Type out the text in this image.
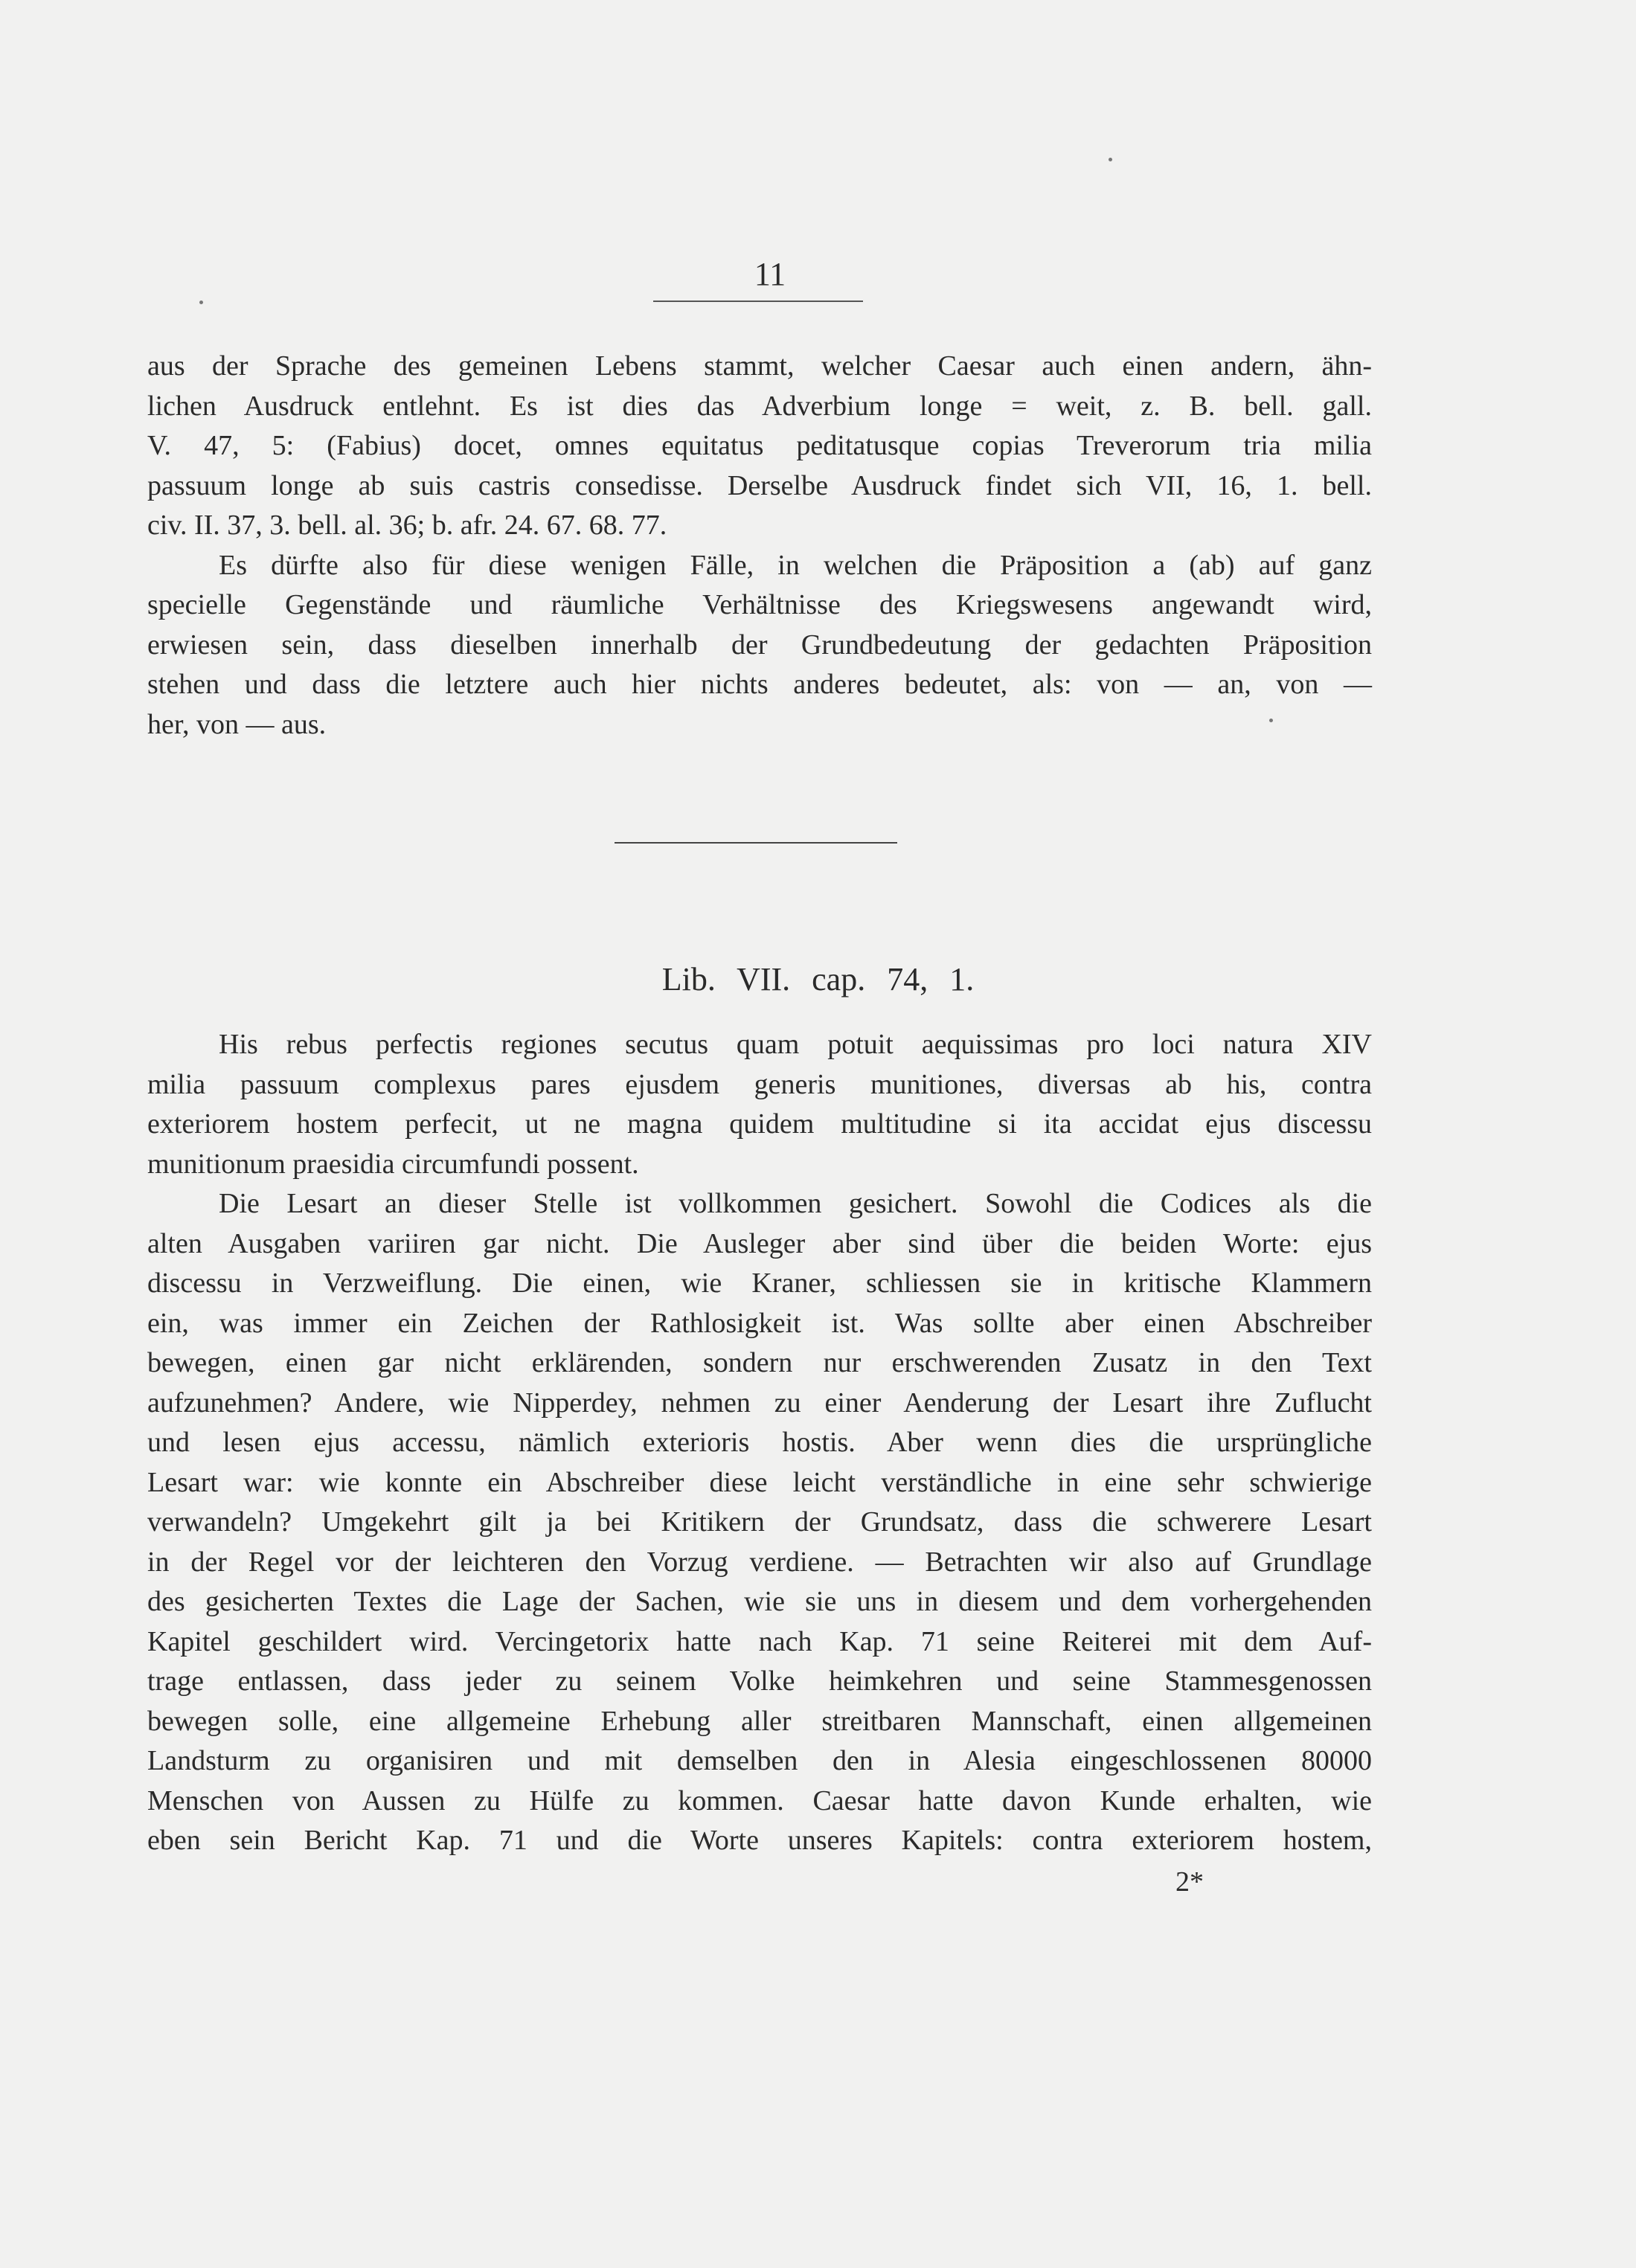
11
aus der Sprache des gemeinen Lebens stammt, welcher Caesar auch einen andern, ähn-
lichen Ausdruck entlehnt. Es ist dies das Adverbium longe = weit, z. B. bell. gall.
V. 47, 5: (Fabius) docet, omnes equitatus peditatusque copias Treverorum tria milia
passuum longe ab suis castris consedisse. Derselbe Ausdruck findet sich VII, 16, 1. bell.
civ. II. 37, 3. bell. al. 36; b. afr. 24. 67. 68. 77.
Es dürfte also für diese wenigen Fälle, in welchen die Präposition a (ab) auf ganz
specielle Gegenstände und räumliche Verhältnisse des Kriegswesens angewandt wird,
erwiesen sein, dass dieselben innerhalb der Grundbedeutung der gedachten Präposition
stehen und dass die letztere auch hier nichts anderes bedeutet, als: von — an, von —
her, von — aus.
Lib. VII. cap. 74, 1.
His rebus perfectis regiones secutus quam potuit aequissimas pro loci natura XIV
milia passuum complexus pares ejusdem generis munitiones, diversas ab his, contra
exteriorem hostem perfecit, ut ne magna quidem multitudine si ita accidat ejus discessu
munitionum praesidia circumfundi possent.
Die Lesart an dieser Stelle ist vollkommen gesichert. Sowohl die Codices als die
alten Ausgaben variiren gar nicht. Die Ausleger aber sind über die beiden Worte: ejus
discessu in Verzweiflung. Die einen, wie Kraner, schliessen sie in kritische Klammern
ein, was immer ein Zeichen der Rathlosigkeit ist. Was sollte aber einen Abschreiber
bewegen, einen gar nicht erklärenden, sondern nur erschwerenden Zusatz in den Text
aufzunehmen? Andere, wie Nipperdey, nehmen zu einer Aenderung der Lesart ihre Zuflucht
und lesen ejus accessu, nämlich exterioris hostis. Aber wenn dies die ursprüngliche
Lesart war: wie konnte ein Abschreiber diese leicht verständliche in eine sehr schwierige
verwandeln? Umgekehrt gilt ja bei Kritikern der Grundsatz, dass die schwerere Lesart
in der Regel vor der leichteren den Vorzug verdiene. — Betrachten wir also auf Grundlage
des gesicherten Textes die Lage der Sachen, wie sie uns in diesem und dem vorhergehenden
Kapitel geschildert wird. Vercingetorix hatte nach Kap. 71 seine Reiterei mit dem Auf-
trage entlassen, dass jeder zu seinem Volke heimkehren und seine Stammesgenossen
bewegen solle, eine allgemeine Erhebung aller streitbaren Mannschaft, einen allgemeinen
Landsturm zu organisiren und mit demselben den in Alesia eingeschlossenen 80000
Menschen von Aussen zu Hülfe zu kommen. Caesar hatte davon Kunde erhalten, wie
eben sein Bericht Kap. 71 und die Worte unseres Kapitels: contra exteriorem hostem,
2*
